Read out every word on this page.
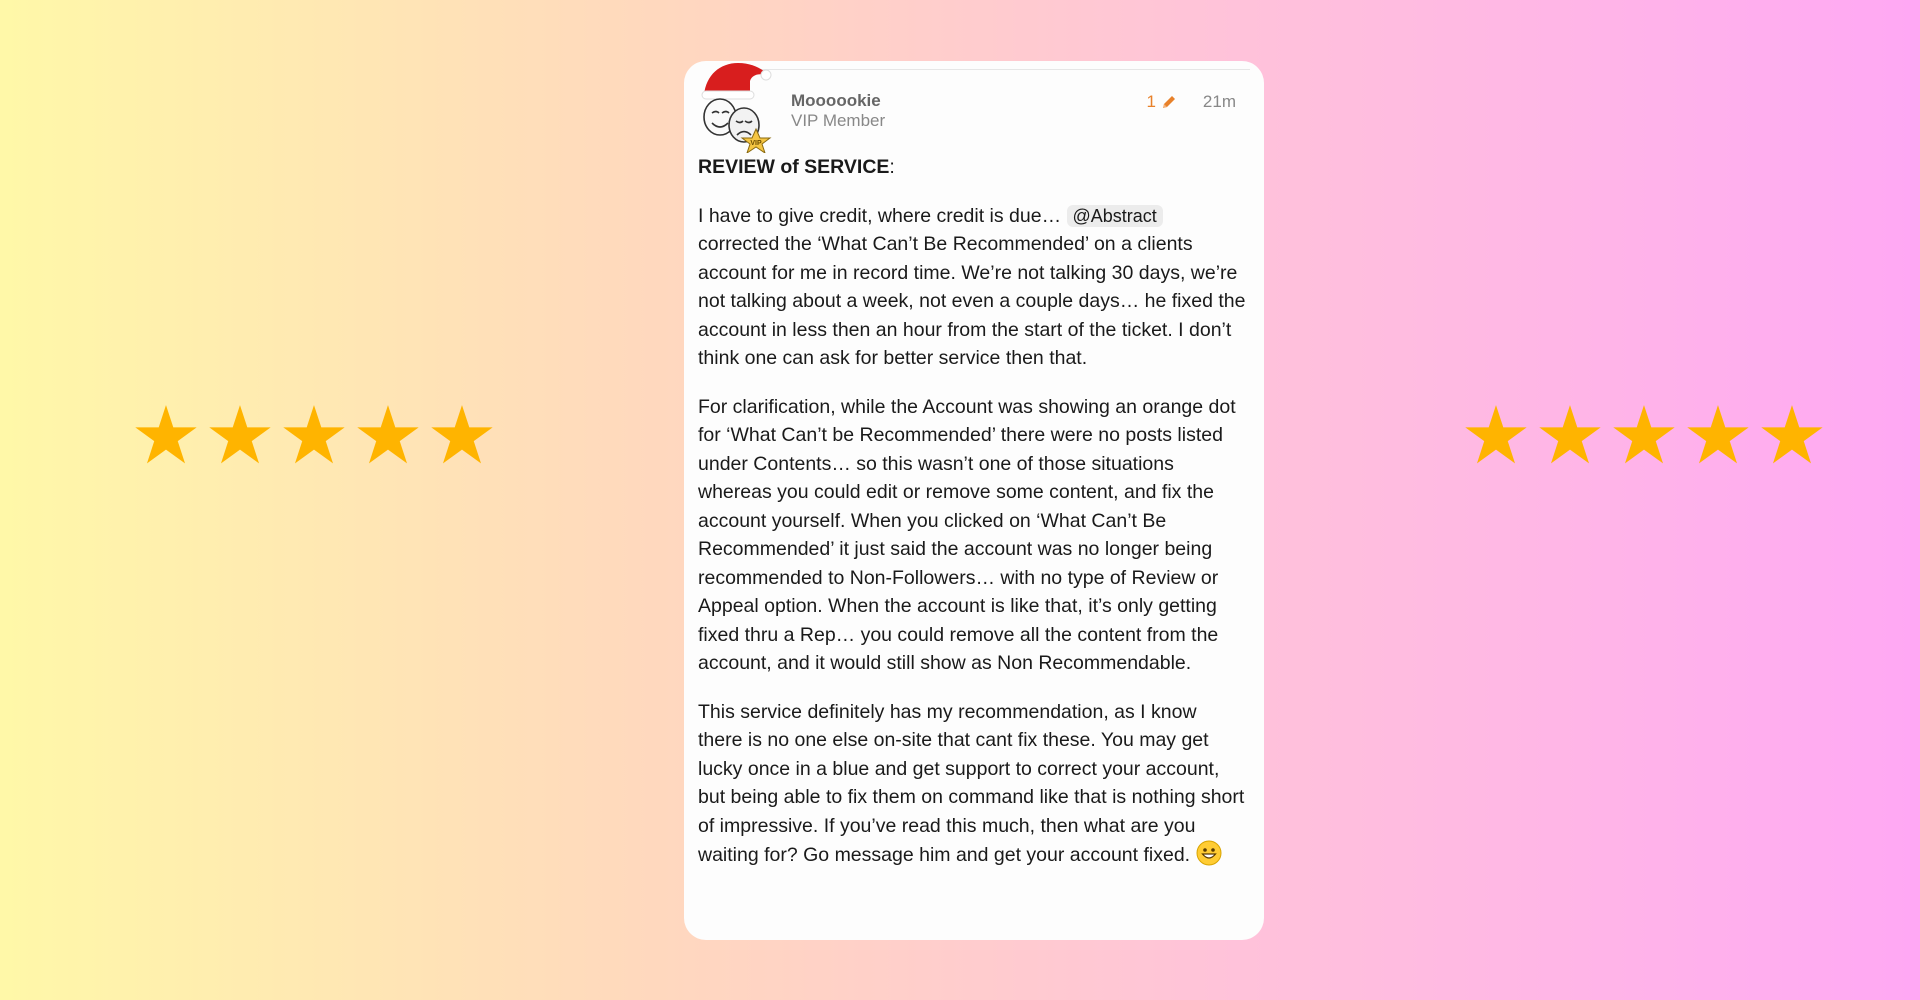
★ ★ ★ ★ ★	★ ★ ★ ★ ★
VIP
Moooookie
VIP Member
1	21m

REVIEW of SERVICE:

I have to give credit, where credit is due… @Abstract corrected the ‘What Can’t Be Recommended’ on a clients account for me in record time. We’re not talking 30 days, we’re not talking about a week, not even a couple days… he fixed the account in less then an hour from the start of the ticket. I don’t think one can ask for better service then that.

For clarification, while the Account was showing an orange dot for ‘What Can’t be Recommended’ there were no posts listed under Contents… so this wasn’t one of those situations whereas you could edit or remove some content, and fix the account yourself. When you clicked on ‘What Can’t Be Recommended’ it just said the account was no longer being recommended to Non-Followers… with no type of Review or Appeal option. When the account is like that, it’s only getting fixed thru a Rep… you could remove all the content from the account, and it would still show as Non Recommendable.

This service definitely has my recommendation, as I know there is no one else on-site that cant fix these. You may get lucky once in a blue and get support to correct your account, but being able to fix them on command like that is nothing short of impressive. If you’ve read this much, then what are you waiting for? Go message him and get your account fixed.
